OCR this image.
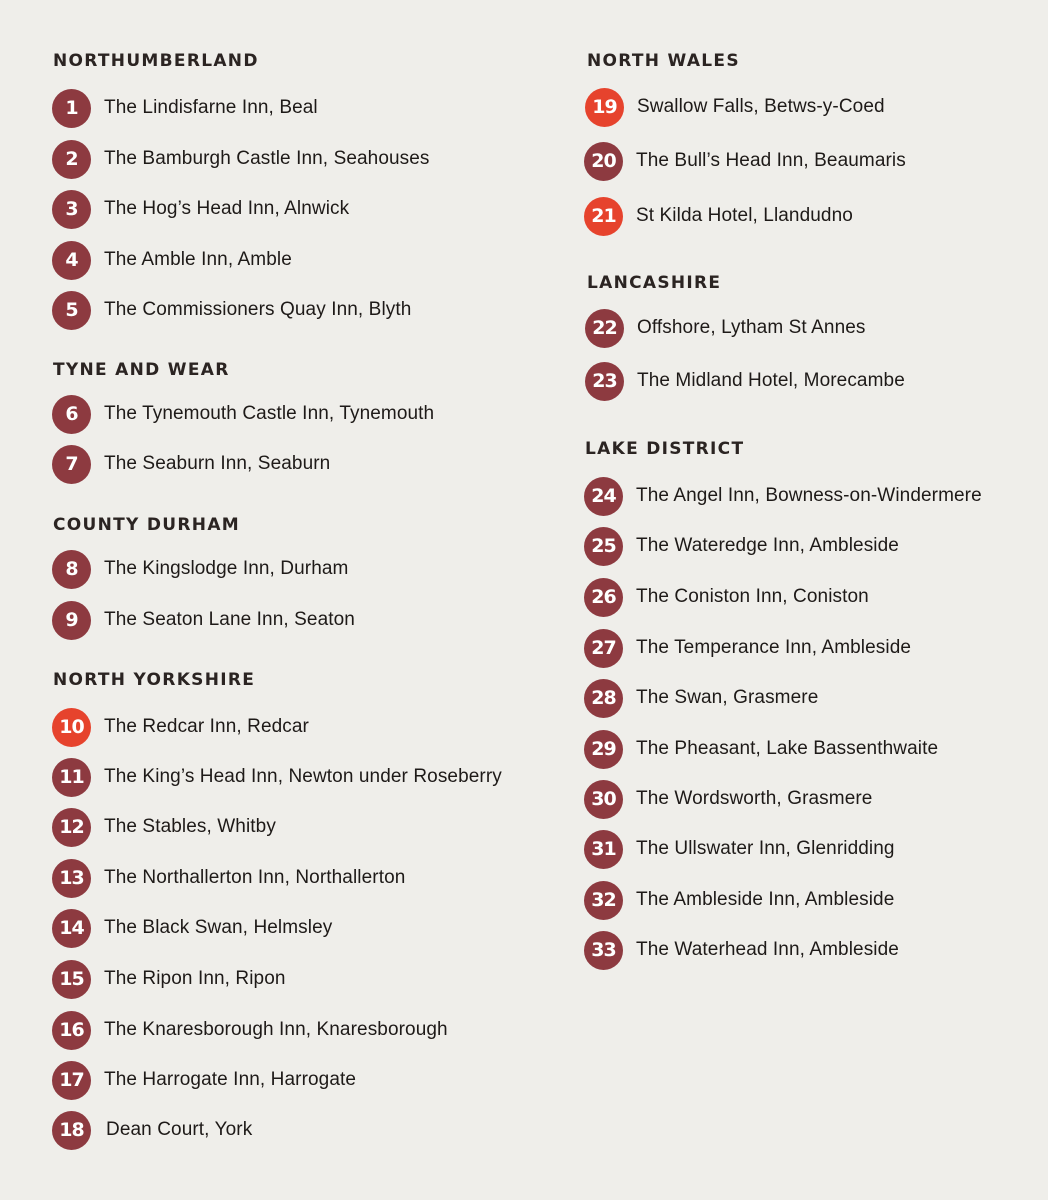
NORTHUMBERLAND
1	The Lindisfarne Inn, Beal
2	The Bamburgh Castle Inn, Seahouses
3	The Hog’s Head Inn, Alnwick
4	The Amble Inn, Amble
5	The Commissioners Quay Inn, Blyth
TYNE AND WEAR
6	The Tynemouth Castle Inn, Tynemouth
7	The Seaburn Inn, Seaburn
COUNTY DURHAM
8	The Kingslodge Inn, Durham
9	The Seaton Lane Inn, Seaton
NORTH YORKSHIRE
10	The Redcar Inn, Redcar
11	The King’s Head Inn, Newton under Roseberry
12	The Stables, Whitby
13	The Northallerton Inn, Northallerton
14	The Black Swan, Helmsley
15	The Ripon Inn, Ripon
16	The Knaresborough Inn, Knaresborough
17	The Harrogate Inn, Harrogate
18	Dean Court, York
NORTH WALES
19	Swallow Falls, Betws-y-Coed
20	The Bull’s Head Inn, Beaumaris
21	St Kilda Hotel, Llandudno
LANCASHIRE
22	Offshore, Lytham St Annes
23	The Midland Hotel, Morecambe
LAKE DISTRICT
24	The Angel Inn, Bowness-on-Windermere
25	The Wateredge Inn, Ambleside
26	The Coniston Inn, Coniston
27	The Temperance Inn, Ambleside
28	The Swan, Grasmere
29	The Pheasant, Lake Bassenthwaite
30	The Wordsworth, Grasmere
31	The Ullswater Inn, Glenridding
32	The Ambleside Inn, Ambleside
33	The Waterhead Inn, Ambleside
